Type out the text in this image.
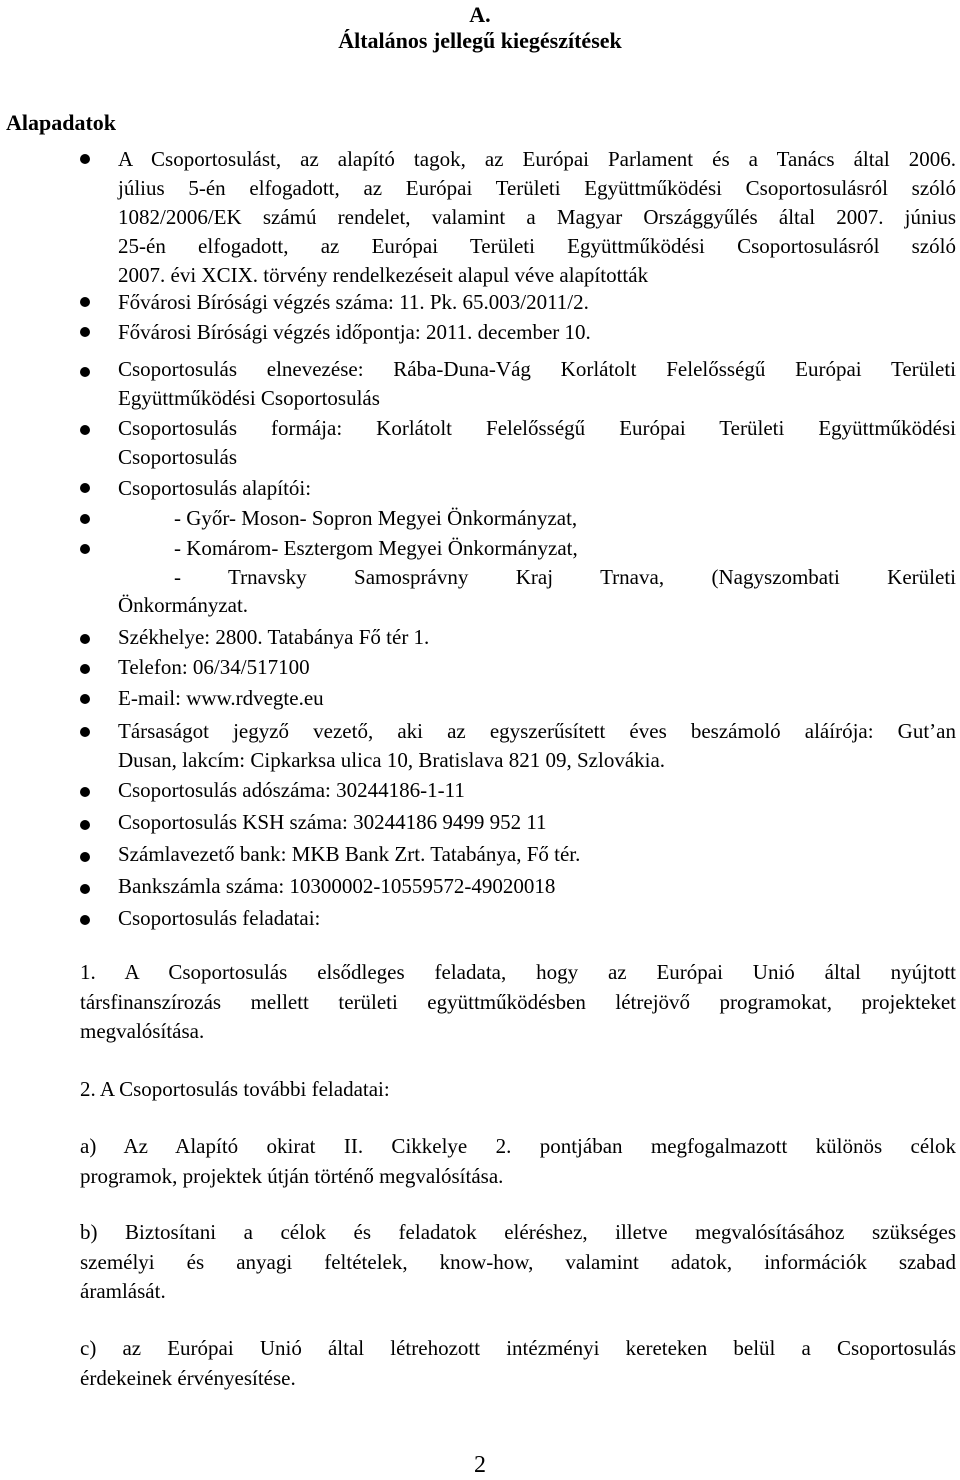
A.
Általános jellegű kiegészítések
Alapadatok
A Csoportosulást, az alapító tagok, az Európai Parlament és a Tanács által 2006.
július 5-én elfogadott, az Európai Területi Együttműködési Csoportosulásról szóló
1082/2006/EK számú rendelet, valamint a Magyar Országgyűlés által 2007. június
25-én elfogadott, az Európai Területi Együttműködési Csoportosulásról szóló
2007. évi XCIX. törvény rendelkezéseit alapul véve alapították
Fővárosi Bírósági végzés száma: 11. Pk. 65.003/2011/2.
Fővárosi Bírósági végzés időpontja: 2011. december 10.
Csoportosulás elnevezése: Rába-Duna-Vág Korlátolt Felelősségű Európai Területi
Együttműködési Csoportosulás
Csoportosulás formája: Korlátolt Felelősségű Európai Területi Együttműködési
Csoportosulás
Csoportosulás alapítói:
- Győr- Moson- Sopron Megyei Önkormányzat,
- Komárom- Esztergom Megyei Önkormányzat,
- Trnavsky Samosprávny Kraj Trnava, (Nagyszombati Kerületi
Önkormányzat.
Székhelye: 2800. Tatabánya Fő tér 1.
Telefon: 06/34/517100
E-mail: www.rdvegte.eu
Társaságot jegyző vezető, aki az egyszerűsített éves beszámoló aláírója: Gut’an
Dusan, lakcím: Cipkarksa ulica 10, Bratislava 821 09, Szlovákia.
Csoportosulás adószáma: 30244186-1-11
Csoportosulás KSH száma: 30244186 9499 952 11
Számlavezető bank: MKB Bank Zrt. Tatabánya, Fő tér.
Bankszámla száma: 10300002-10559572-49020018
Csoportosulás feladatai:
1. A Csoportosulás elsődleges feladata, hogy az Európai Unió által nyújtott
társfinanszírozás mellett területi együttműködésben létrejövő programokat, projekteket
megvalósítása.
2. A Csoportosulás további feladatai:
a) Az Alapító okirat II. Cikkelye 2. pontjában megfogalmazott különös célok
programok, projektek útján történő megvalósítása.
b) Biztosítani a célok és feladatok eléréshez, illetve megvalósításához szükséges
személyi és anyagi feltételek, know-how, valamint adatok, információk szabad
áramlását.
c) az Európai Unió által létrehozott intézményi kereteken belül a Csoportosulás
érdekeinek érvényesítése.
2
